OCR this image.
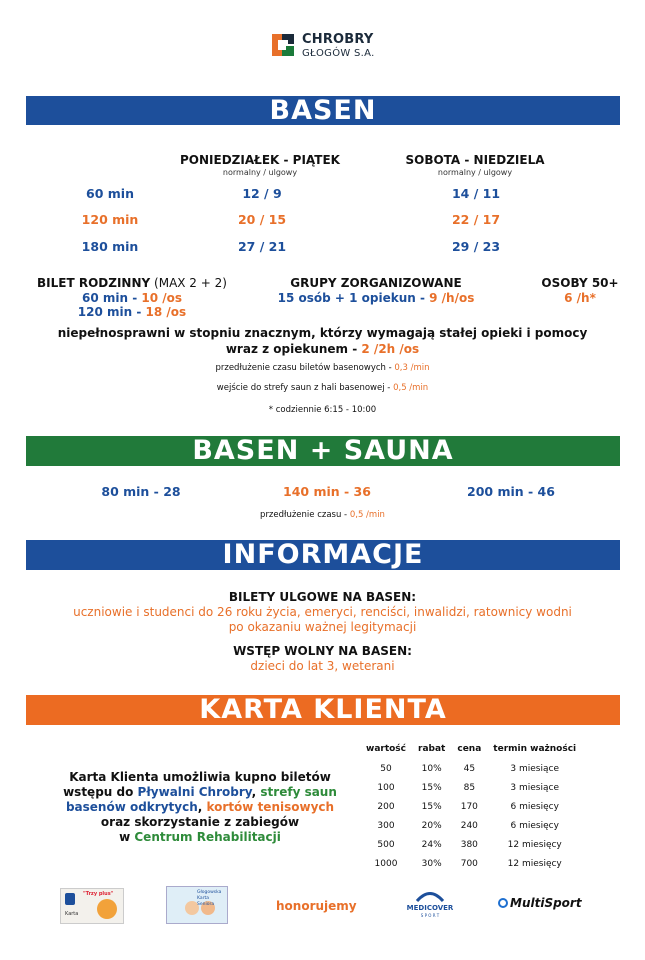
CHROBRY
GŁOGÓW S.A.
BASEN
PONIEDZIAŁEK - PIĄTEK
normalny / ulgowy
SOBOTA - NIEDZIELA
normalny / ulgowy
60 min	12 / 9	14 / 11
120 min	20 / 15	22 / 17
180 min	27 / 21	29 / 23
BILET RODZINNY (MAX 2 + 2)
60 min - 10 /os
120 min - 18 /os
GRUPY ZORGANIZOWANE
15 osób + 1 opiekun - 9 /h/os
OSOBY 50+
6 /h*
niepełnosprawni w stopniu znacznym, którzy wymagają stałej opieki i pomocy
wraz z opiekunem - 2 /2h /os
przedłużenie czasu biletów basenowych - 0,3 /min
wejście do strefy saun z hali basenowej - 0,5 /min
* codziennie 6:15 - 10:00
BASEN + SAUNA
80 min - 28	140 min - 36	200 min - 46
przedłużenie czasu - 0,5 /min
INFORMACJE
BILETY ULGOWE NA BASEN:
uczniowie i studenci do 26 roku życia, emeryci, renciści, inwalidzi, ratownicy wodni
po okazaniu ważnej legitymacji
WSTĘP WOLNY NA BASEN:
dzieci do lat 3, weterani
KARTA KLIENTA
Karta Klienta umożliwia kupno biletów
wstępu do Pływalni Chrobry, strefy saun
basenów odkrytych, kortów tenisowych
oraz skorzystanie z zabiegów
w Centrum Rehabilitacji
wartość	rabat	cena	termin ważności
50	10%	45	3 miesiące
100	15%	85	3 miesiące
200	15%	170	6 miesięcy
300	20%	240	6 miesięcy
500	24%	380	12 miesięcy
1000	30%	700	12 miesięcy
"Trzy plus"
Karta
Głogowska Karta Seniora	honorujemy	MEDICOVER
S P O R T
MultiSport
